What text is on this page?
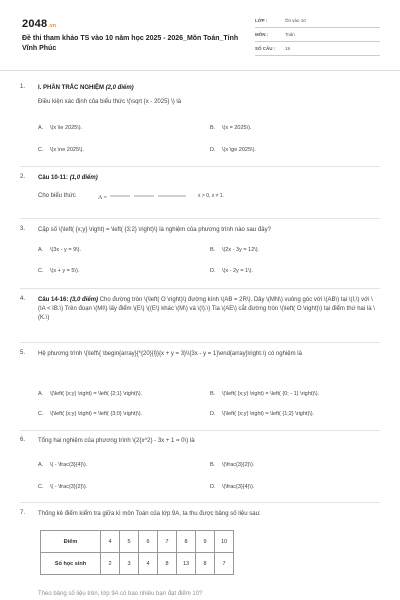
2048.vn
Đề thi tham khảo TS vào 10 năm học 2025 - 2026_Môn Toán_Tỉnh Vĩnh Phúc
LỚP :	Ôn vào 10
MÔN :	Toán
SỐ CÂU :	19
1. I. PHẦN TRẮC NGHIỆM (2,0 điểm)
Điều kiện xác định của biểu thức \(\sqrt {x - 2025} \) là
A. \(x \le 2025\).	B. \(x = 2025\).
C. \(x \ne 2025\).	D. \(x \ge 2025\).
2. Câu 10-11: (1,0 điểm)
Cho biểu thức	A =	x > 0, x ≠ 1.
3. Cặp số \(\left( {x;y} \right) = \left( {3;2} \right)\) là nghiệm của phương trình nào sau đây?
A. \(3x - y = 9\).	B. \(2x - 3y = 12\).
C. \(x + y = 5\).	D. \(x - 2y = 1\).
4. Câu 14-16: (3,0 điểm) Cho đường tròn \(\left( O \right)\) đường kính \(AB = 2R\). Dây \(MN\) vuông góc với \(AB\) tại \(I,\) với \(IA < IB.\) Trên đoạn \(MI\) lấy điểm \(E\) \((E\) khác \(M\) và \(I).\) Tia \(AE\) cắt đường tròn \(\left( O \right)\) tại điểm thứ hai là \(K.\)
5. Hệ phương trình \(\left\{ \begin{array}{*{20}{l}}{x + y = 3}\\{3x - y = 1}\end{array}\right.\) có nghiệm là
A. \(\left( {x;y} \right) = \left( {2;1} \right)\).	B. \(\left( {x;y} \right) = \left( {0; - 1} \right)\).
C. \(\left( {x;y} \right) = \left( {3;0} \right)\).	D. \(\left( {x;y} \right) = \left( {1;2} \right)\).
6. Tổng hai nghiệm của phương trình \(2{x^2} - 3x + 1 = 0\) là
A. \( - \frac{3}{4}\).	B. \(\frac{3}{2}\).
C. \( - \frac{3}{2}\).	D. \(\frac{3}{4}\).
7. Thống kê điểm kiểm tra giữa kì môn Toán của lớp 9A, ta thu được bảng số liệu sau:
Điểm	4	5	6	7	8	9	10
Số học sinh	2	3	4	8	13	8	7
Theo bảng số liệu trên, lớp 9A có bao nhiêu bạn đạt điểm 10?
